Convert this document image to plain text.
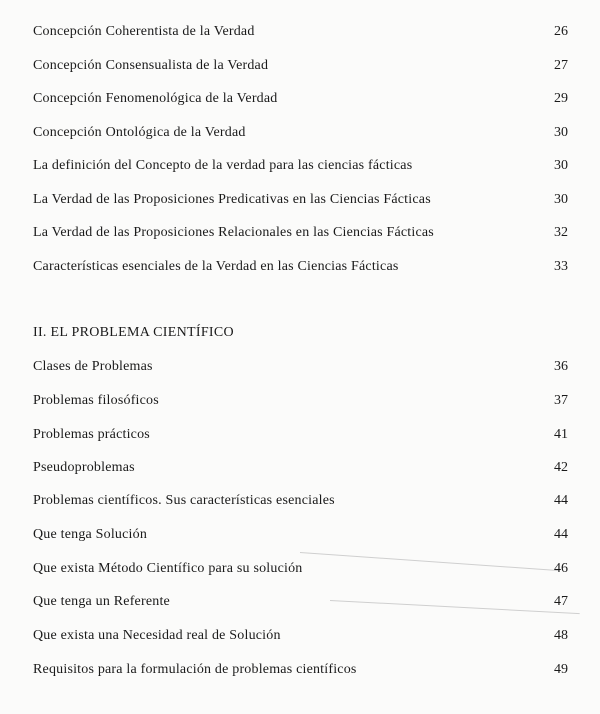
Concepción Coherentista de la Verdad	26
Concepción Consensualista de la Verdad	27
Concepción Fenomenológica de la Verdad	29
Concepción Ontológica de la Verdad	30
La definición del Concepto de la verdad para las ciencias fácticas	30
La Verdad de las Proposiciones Predicativas en las Ciencias Fácticas	30
La Verdad de las Proposiciones Relacionales en las Ciencias Fácticas	32
Características esenciales de la Verdad en las Ciencias Fácticas	33
II. EL PROBLEMA CIENTÍFICO
Clases de Problemas	36
Problemas filosóficos	37
Problemas prácticos	41
Pseudoproblemas	42
Problemas científicos. Sus características esenciales	44
Que tenga Solución	44
Que exista Método Científico para su solución	46
Que tenga un Referente	47
Que exista una Necesidad real de Solución	48
Requisitos para la formulación de problemas científicos	49
